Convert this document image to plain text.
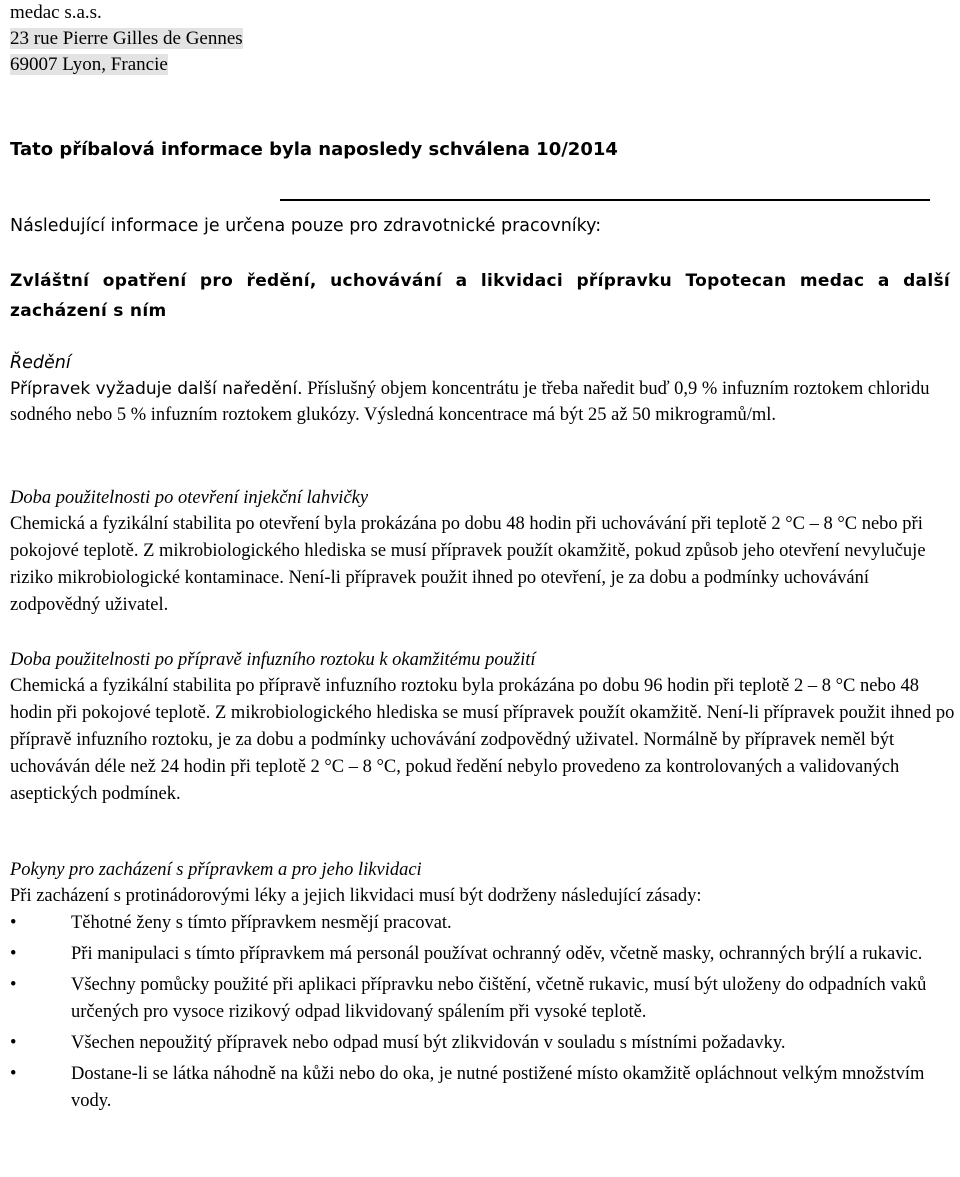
medac s.a.s.
23 rue Pierre Gilles de Gennes
69007 Lyon, Francie

Tato příbalová informace byla naposledy schválena 10/2014

Následující informace je určena pouze pro zdravotnické pracovníky:

Zvláštní opatření pro ředění, uchovávání a likvidaci přípravku Topotecan medac a další zacházení s ním

Ředění

Přípravek vyžaduje další naředění. Příslušný objem koncentrátu je třeba naředit buď 0,9 % infuzním roztokem chloridu sodného nebo 5 % infuzním roztokem glukózy. Výsledná koncentrace má být 25 až 50 mikrogramů/ml.

Doba použitelnosti po otevření injekční lahvičky

Chemická a fyzikální stabilita po otevření byla prokázána po dobu 48 hodin při uchovávání při teplotě 2 °C – 8 °C nebo při pokojové teplotě. Z mikrobiologického hlediska se musí přípravek použít okamžitě, pokud způsob jeho otevření nevylučuje riziko mikrobiologické kontaminace. Není-li přípravek použit ihned po otevření, je za dobu a podmínky uchovávání zodpovědný uživatel.

Doba použitelnosti po přípravě infuzního roztoku k okamžitému použití

Chemická a fyzikální stabilita po přípravě infuzního roztoku byla prokázána po dobu 96 hodin při teplotě 2 – 8 °C nebo 48 hodin při pokojové teplotě. Z mikrobiologického hlediska se musí přípravek použít okamžitě. Není-li přípravek použit ihned po přípravě infuzního roztoku, je za dobu a podmínky uchovávání zodpovědný uživatel. Normálně by přípravek neměl být uchováván déle než 24 hodin při teplotě 2 °C – 8 °C, pokud ředění nebylo provedeno za kontrolovaných a validovaných aseptických podmínek.

Pokyny pro zacházení s přípravkem a pro jeho likvidaci

Při zacházení s protinádorovými léky a jejich likvidaci musí být dodrženy následující zásady:

•	Těhotné ženy s tímto přípravkem nesmějí pracovat.
•	Při manipulaci s tímto přípravkem má personál používat ochranný oděv, včetně masky, ochranných brýlí a rukavic.
•	Všechny pomůcky použité při aplikaci přípravku nebo čištění, včetně rukavic, musí být uloženy do odpadních vaků určených pro vysoce rizikový odpad likvidovaný spálením při vysoké teplotě.
•	Všechen nepoužitý přípravek nebo odpad musí být zlikvidován v souladu s místními požadavky.
•	Dostane-li se látka náhodně na kůži nebo do oka, je nutné postižené místo okamžitě opláchnout velkým množstvím vody.
